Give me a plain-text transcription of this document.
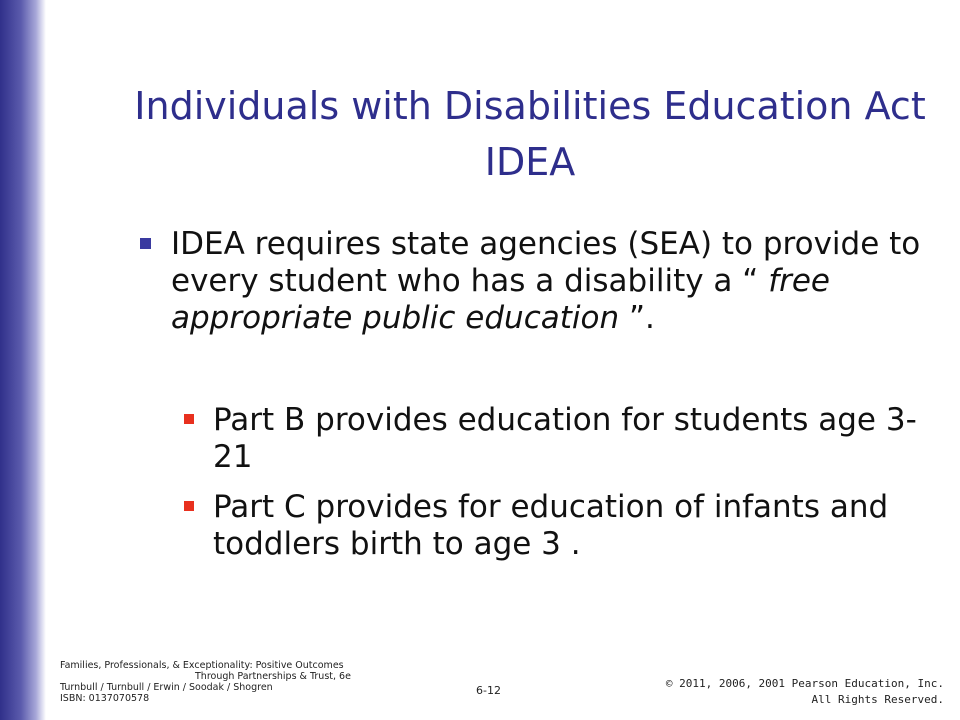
Individuals with Disabilities Education Act
IDEA
IDEA requires state agencies (SEA) to provide to every student who has a disability a “ free appropriate public education ”.
Part B provides education for students age 3-21
Part C provides for education of infants and toddlers birth to age 3 .
Families, Professionals, & Exceptionality: Positive Outcomes
Through Partnerships & Trust, 6e
Turnbull / Turnbull / Erwin / Soodak / Shogren
ISBN: 0137070578
6-12
© 2011, 2006, 2001 Pearson Education, Inc.
All Rights Reserved.
